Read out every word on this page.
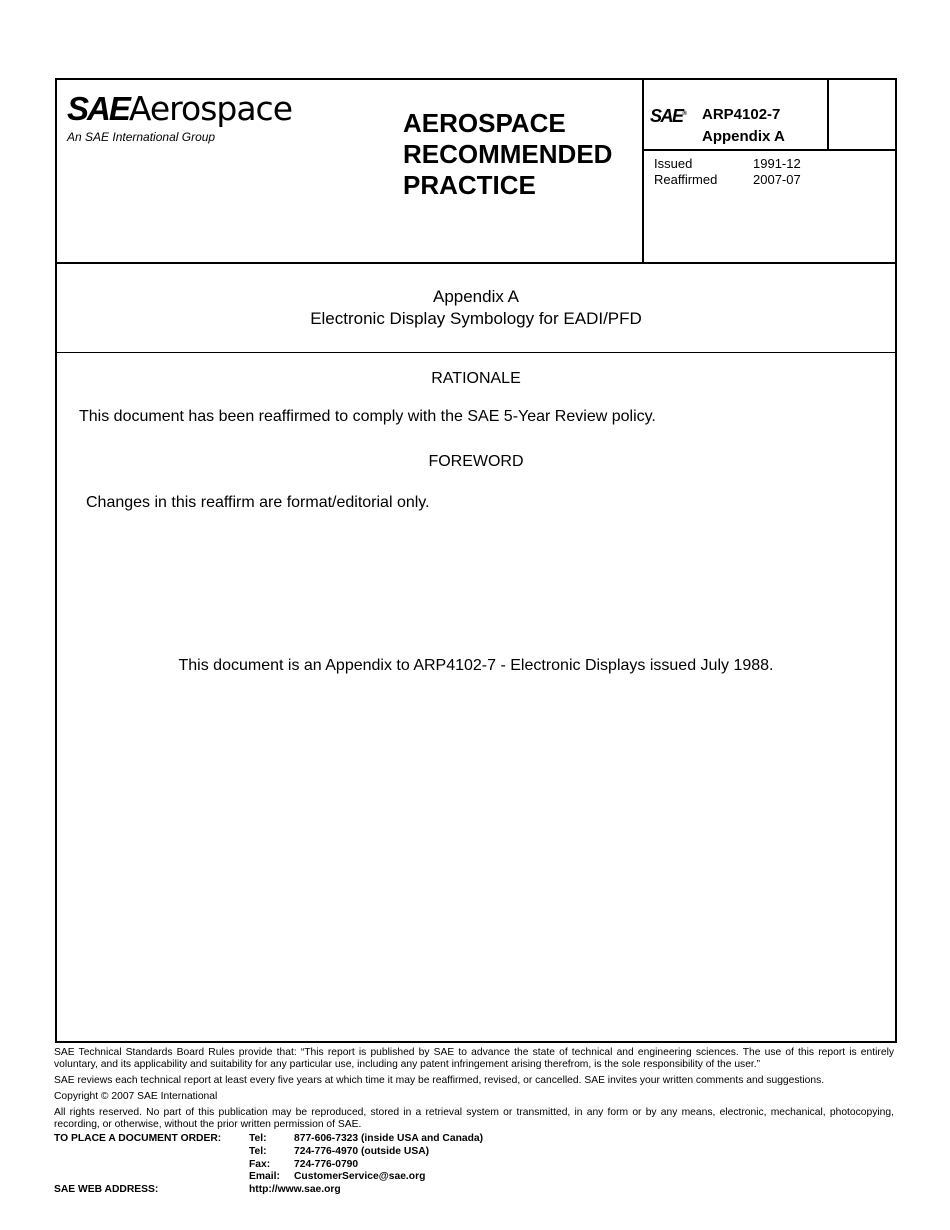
SAEAerospace
An SAE International Group	AEROSPACE
RECOMMENDED
PRACTICE
SAE® ARP4102-7
Appendix A
Issued	1991-12
Reaffirmed	2007-07
Appendix A
Electronic Display Symbology for EADI/PFD
RATIONALE
This document has been reaffirmed to comply with the SAE 5-Year Review policy.
FOREWORD
Changes in this reaffirm are format/editorial only.
This document is an Appendix to ARP4102-7 - Electronic Displays issued July 1988.

SAE Technical Standards Board Rules provide that: “This report is published by SAE to advance the state of technical and engineering sciences. The use of this report is entirely voluntary, and its applicability and suitability for any particular use, including any patent infringement arising therefrom, is the sole responsibility of the user.”

SAE reviews each technical report at least every five years at which time it may be reaffirmed, revised, or cancelled. SAE invites your written comments and suggestions.

Copyright © 2007 SAE International

All rights reserved. No part of this publication may be reproduced, stored in a retrieval system or transmitted, in any form or by any means, electronic, mechanical, photocopying, recording, or otherwise, without the prior written permission of SAE.

TO PLACE A DOCUMENT ORDER:	Tel:	877-606-7323 (inside USA and Canada)
Tel:	724-776-4970 (outside USA)
Fax:	724-776-0790
Email:	CustomerService@sae.org
SAE WEB ADDRESS:	http://www.sae.org
